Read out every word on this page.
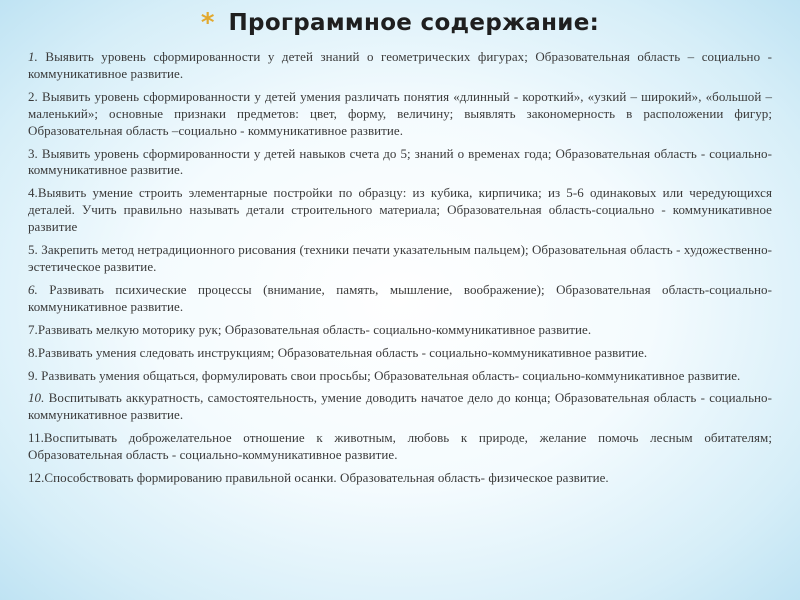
* Программное содержание:

1. Выявить уровень сформированности у детей знаний о геометрических фигурах; Образовательная область – социально - коммуникативное развитие.

2. Выявить уровень сформированности у детей умения различать понятия «длинный - короткий», «узкий – широкий», «большой – маленький»; основные признаки предметов: цвет, форму, величину; выявлять закономерность в расположении фигур; Образовательная область –социально - коммуникативное развитие.

3. Выявить уровень сформированности у детей навыков счета до 5; знаний о временах года; Образовательная область - социально-коммуникативное развитие.

4.Выявить умение строить элементарные постройки по образцу: из кубика, кирпичика; из 5-6 одинаковых или чередующихся деталей. Учить правильно называть детали строительного материала; Образовательная область-социально - коммуникативное развитие

5. Закрепить метод нетрадиционного рисования (техники печати указательным пальцем); Образовательная область - художественно-эстетическое развитие.

6. Развивать психические процессы (внимание, память, мышление, воображение); Образовательная область-социально-коммуникативное развитие.

7.Развивать мелкую моторику рук; Образовательная область- социально-коммуникативное развитие.

8.Развивать умения следовать инструкциям; Образовательная область - социально-коммуникативное развитие.

9. Развивать умения общаться, формулировать свои просьбы; Образовательная область- социально-коммуникативное развитие.

10. Воспитывать аккуратность, самостоятельность, умение доводить начатое дело до конца; Образовательная область - социально-коммуникативное развитие.

11.Воспитывать доброжелательное отношение к животным, любовь к природе, желание помочь лесным обитателям; Образовательная область - социально-коммуникативное развитие.

12.Способствовать формированию правильной осанки. Образовательная область- физическое развитие.
